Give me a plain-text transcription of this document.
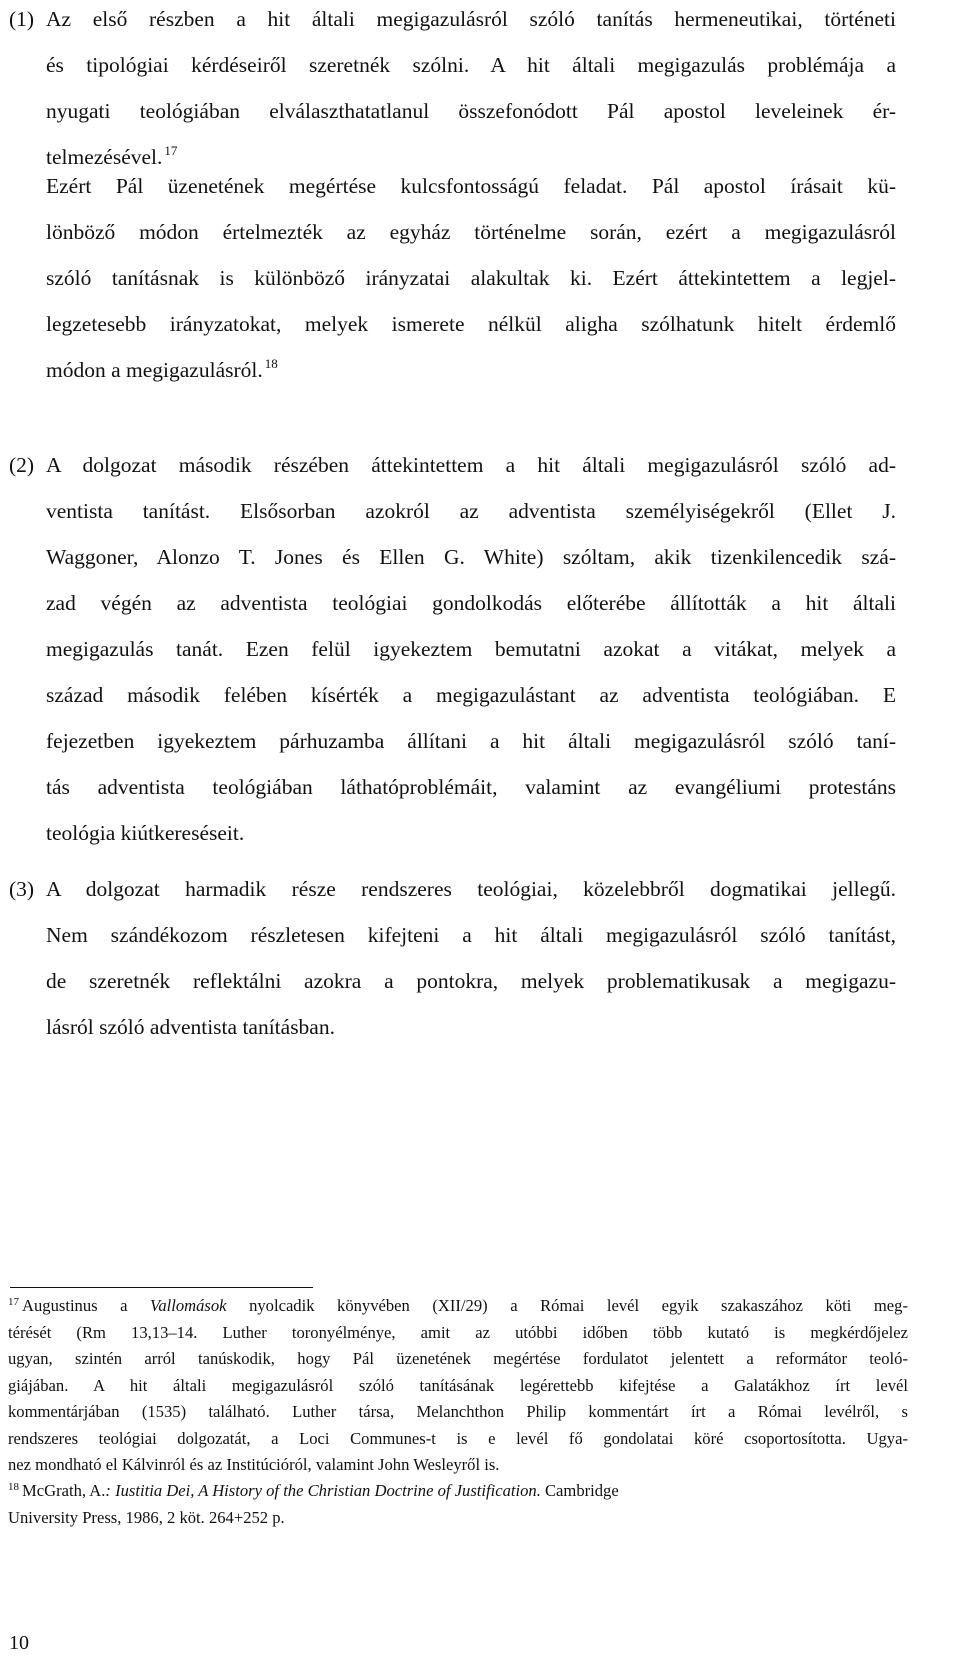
(1) Az első részben a hit általi megigazulásról szóló tanítás hermeneutikai, történeti
és tipológiai kérdéseiről szeretnék szólni. A hit általi megigazulás problémája a
nyugati teológiában elválaszthatatlanul összefonódott Pál apostol leveleinek ér-
telmezésével. $^{17}$
Ezért Pál üzenetének megértése kulcsfontosságú feladat. Pál apostol írásait kü-
lönböző módon értelmezték az egyház történelme során, ezért a megigazulásról
szóló tanításnak is különböző irányzatai alakultak ki. Ezért áttekintettem a legjel-
legzetesebb irányzatokat, melyek ismerete nélkül aligha szólhatunk hitelt érdemlő
módon a megigazulásról. $^{18}$
(2) A dolgozat második részében áttekintettem a hit általi megigazulásról szóló ad-
ventista tanítást. Elsősorban azokról az adventista személyiségekről (Ellet J.
Waggoner, Alonzo T. Jones és Ellen G. White) szóltam, akik tizenkilencedik szá-
zad végén az adventista teológiai gondolkodás előterébe állították a hit általi
megigazulás tanát. Ezen felül igyekeztem bemutatni azokat a vitákat, melyek a
század második felében kísérték a megigazulástant az adventista teológiában. E
fejezetben igyekeztem párhuzamba állítani a hit általi megigazulásról szóló taní-
tás adventista teológiában láthatóproblémáit, valamint az evangéliumi protestáns
teológia kiútkereséseit.
(3) A dolgozat harmadik része rendszeres teológiai, közelebbről dogmatikai jellegű.
Nem szándékozom részletesen kifejteni a hit általi megigazulásról szóló tanítást,
de szeretnék reflektálni azokra a pontokra, melyek problematikusak a megigazu-
lásról szóló adventista tanításban.
$^{17}$ Augustinus a Vallomások nyolcadik könyvében (XII/29) a Római levél egyik szakaszához köti meg-
térését (Rm 13,13–14. Luther toronyélménye, amit az utóbbi időben több kutató is megkérdőjelez
ugyan, szintén arról tanúskodik, hogy Pál üzenetének megértése fordulatot jelentett a reformátor teoló-
giájában. A hit általi megigazulásról szóló tanításának legérettebb kifejtése a Galatákhoz írt levél
kommentárjában (1535) található. Luther társa, Melanchthon Philip kommentárt írt a Római levélről, s
rendszeres teológiai dolgozatát, a Loci Communes-t is e levél fő gondolatai köré csoportosította. Ugya-
nez mondható el Kálvinról és az Institúcióról, valamint John Wesleyről is.
$^{18}$ McGrath, A.: Iustitia Dei, A History of the Christian Doctrine of Justification. Cambridge
University Press, 1986, 2 köt. 264+252 p.
10
